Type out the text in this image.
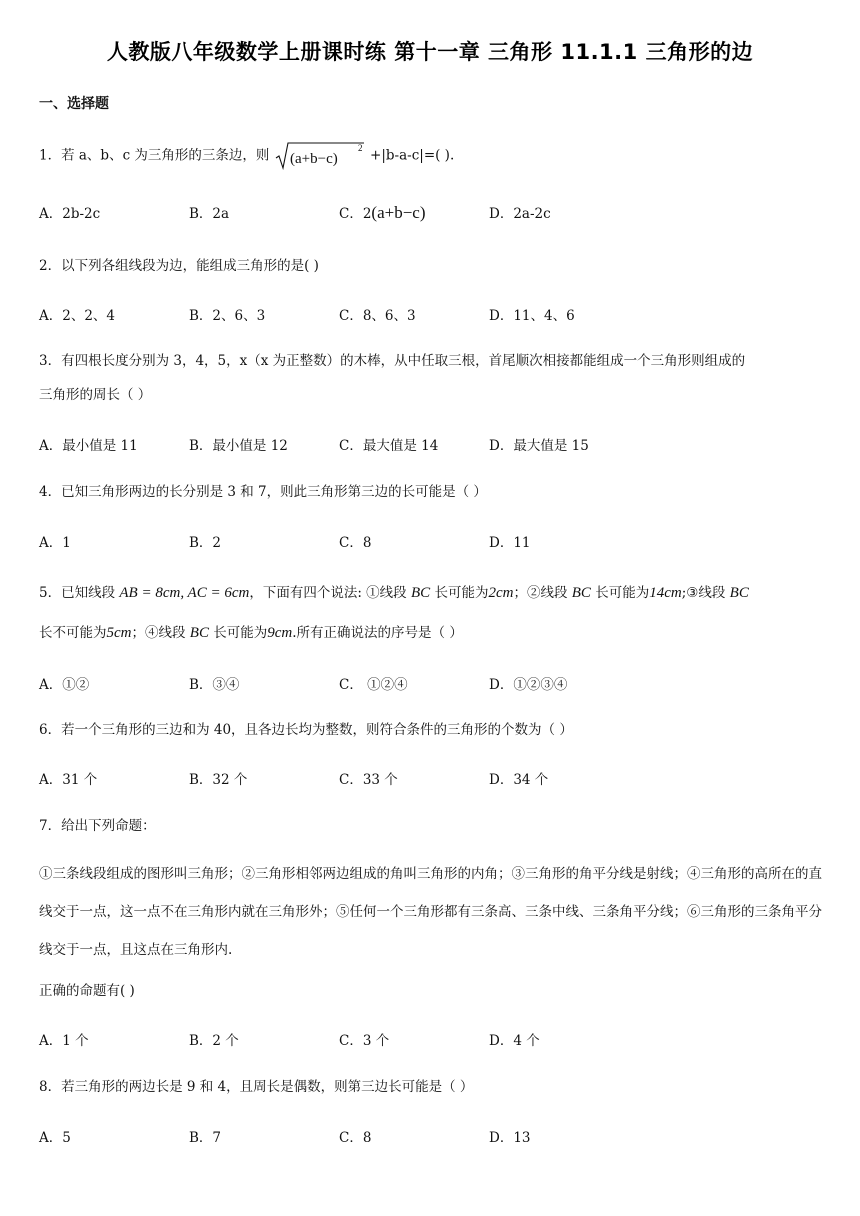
人教版八年级数学上册课时练 第十一章 三角形 11.1.1 三角形的边
一、选择题
1．若 a、b、c 为三角形的三条边，则 (a+b−c)
2 +|b-a-c|=( ).
A．2b-2c	B．2a	C．2(a+b−c)	D．2a-2c
2．以下列各组线段为边，能组成三角形的是( )
A．2、2、4	B．2、6、3	C．8、6、3	D．11、4、6
3．有四根长度分别为 3，4，5，x（x 为正整数）的木棒，从中任取三根，首尾顺次相接都能组成一个三角形则组成的
三角形的周长（ ）
A．最小值是 11	B．最小值是 12	C．最大值是 14	D．最大值是 15
4．已知三角形两边的长分别是 3 和 7，则此三角形第三边的长可能是（ ）
A．1	B．2	C．8	D．11
5．已知线段 AB = 8cm, AC = 6cm，下面有四个说法: ①线段 BC 长可能为2cm；②线段 BC 长可能为14cm;③线段 BC
长不可能为5cm；④线段 BC 长可能为9cm.所有正确说法的序号是（ ）
A．①②	B．③④	C． ①②④	D．①②③④
6．若一个三角形的三边和为 40，且各边长均为整数，则符合条件的三角形的个数为（ ）
A．31 个	B．32 个	C．33 个	D．34 个
7．给出下列命题：
①三条线段组成的图形叫三角形；②三角形相邻两边组成的角叫三角形的内角；③三角形的角平分线是射线；④三角形的高所在的直线交于一点，这一点不在三角形内就在三角形外；⑤任何一个三角形都有三条高、三条中线、三条角平分线；⑥三角形的三条角平分线交于一点，且这点在三角形内.
正确的命题有( )
A．1 个	B．2 个	C．3 个	D．4 个
8．若三角形的两边长是 9 和 4，且周长是偶数，则第三边长可能是（ ）
A．5	B．7	C．8	D．13
